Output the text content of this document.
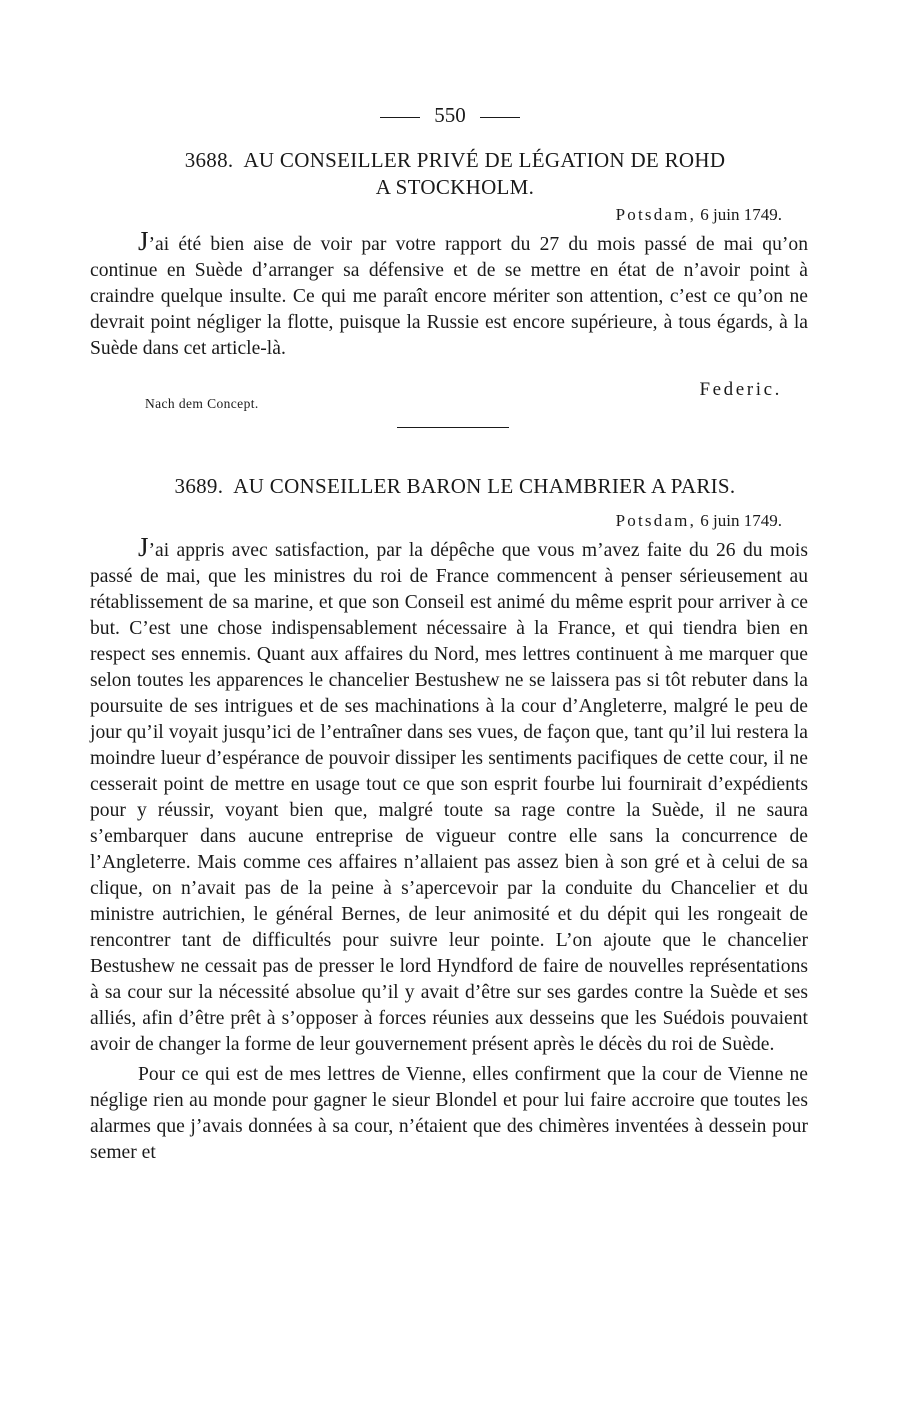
550
3688. AU CONSEILLER PRIVÉ DE LÉGATION DE ROHD
A STOCKHOLM.
Potsdam, 6 juin 1749.

J’ai été bien aise de voir par votre rapport du 27 du mois passé de mai qu’on continue en Suède d’arranger sa défensive et de se mettre en état de n’avoir point à craindre quelque insulte. Ce qui me paraît encore mériter son attention, c’est ce qu’on ne devrait point négliger la flotte, puisque la Russie est encore supérieure, à tous égards, à la Suède dans cet article-là.

Federic.
Nach dem Concept.
3689. AU CONSEILLER BARON LE CHAMBRIER A PARIS.
Potsdam, 6 juin 1749.

J’ai appris avec satisfaction, par la dépêche que vous m’avez faite du 26 du mois passé de mai, que les ministres du roi de France commencent à penser sérieusement au rétablissement de sa marine, et que son Conseil est animé du même esprit pour arriver à ce but. C’est une chose indispensablement nécessaire à la France, et qui tiendra bien en respect ses ennemis. Quant aux affaires du Nord, mes lettres continuent à me marquer que selon toutes les apparences le chancelier Bestushew ne se laissera pas si tôt rebuter dans la poursuite de ses intrigues et de ses machinations à la cour d’Angleterre, malgré le peu de jour qu’il voyait jusqu’ici de l’entraîner dans ses vues, de façon que, tant qu’il lui restera la moindre lueur d’espérance de pouvoir dissiper les sentiments pacifiques de cette cour, il ne cesserait point de mettre en usage tout ce que son esprit fourbe lui fournirait d’expédients pour y réussir, voyant bien que, malgré toute sa rage contre la Suède, il ne saura s’embarquer dans aucune entreprise de vigueur contre elle sans la concurrence de l’Angleterre. Mais comme ces affaires n’allaient pas assez bien à son gré et à celui de sa clique, on n’avait pas de la peine à s’apercevoir par la conduite du Chancelier et du ministre autrichien, le général Bernes, de leur animosité et du dépit qui les rongeait de rencontrer tant de difficultés pour suivre leur pointe. L’on ajoute que le chancelier Bestushew ne cessait pas de presser le lord Hyndford de faire de nouvelles représentations à sa cour sur la nécessité absolue qu’il y avait d’être sur ses gardes contre la Suède et ses alliés, afin d’être prêt à s’opposer à forces réunies aux desseins que les Suédois pouvaient avoir de changer la forme de leur gouvernement présent après le décès du roi de Suède.

Pour ce qui est de mes lettres de Vienne, elles confirment que la cour de Vienne ne néglige rien au monde pour gagner le sieur Blondel et pour lui faire accroire que toutes les alarmes que j’avais données à sa cour, n’étaient que des chimères inventées à dessein pour semer et
